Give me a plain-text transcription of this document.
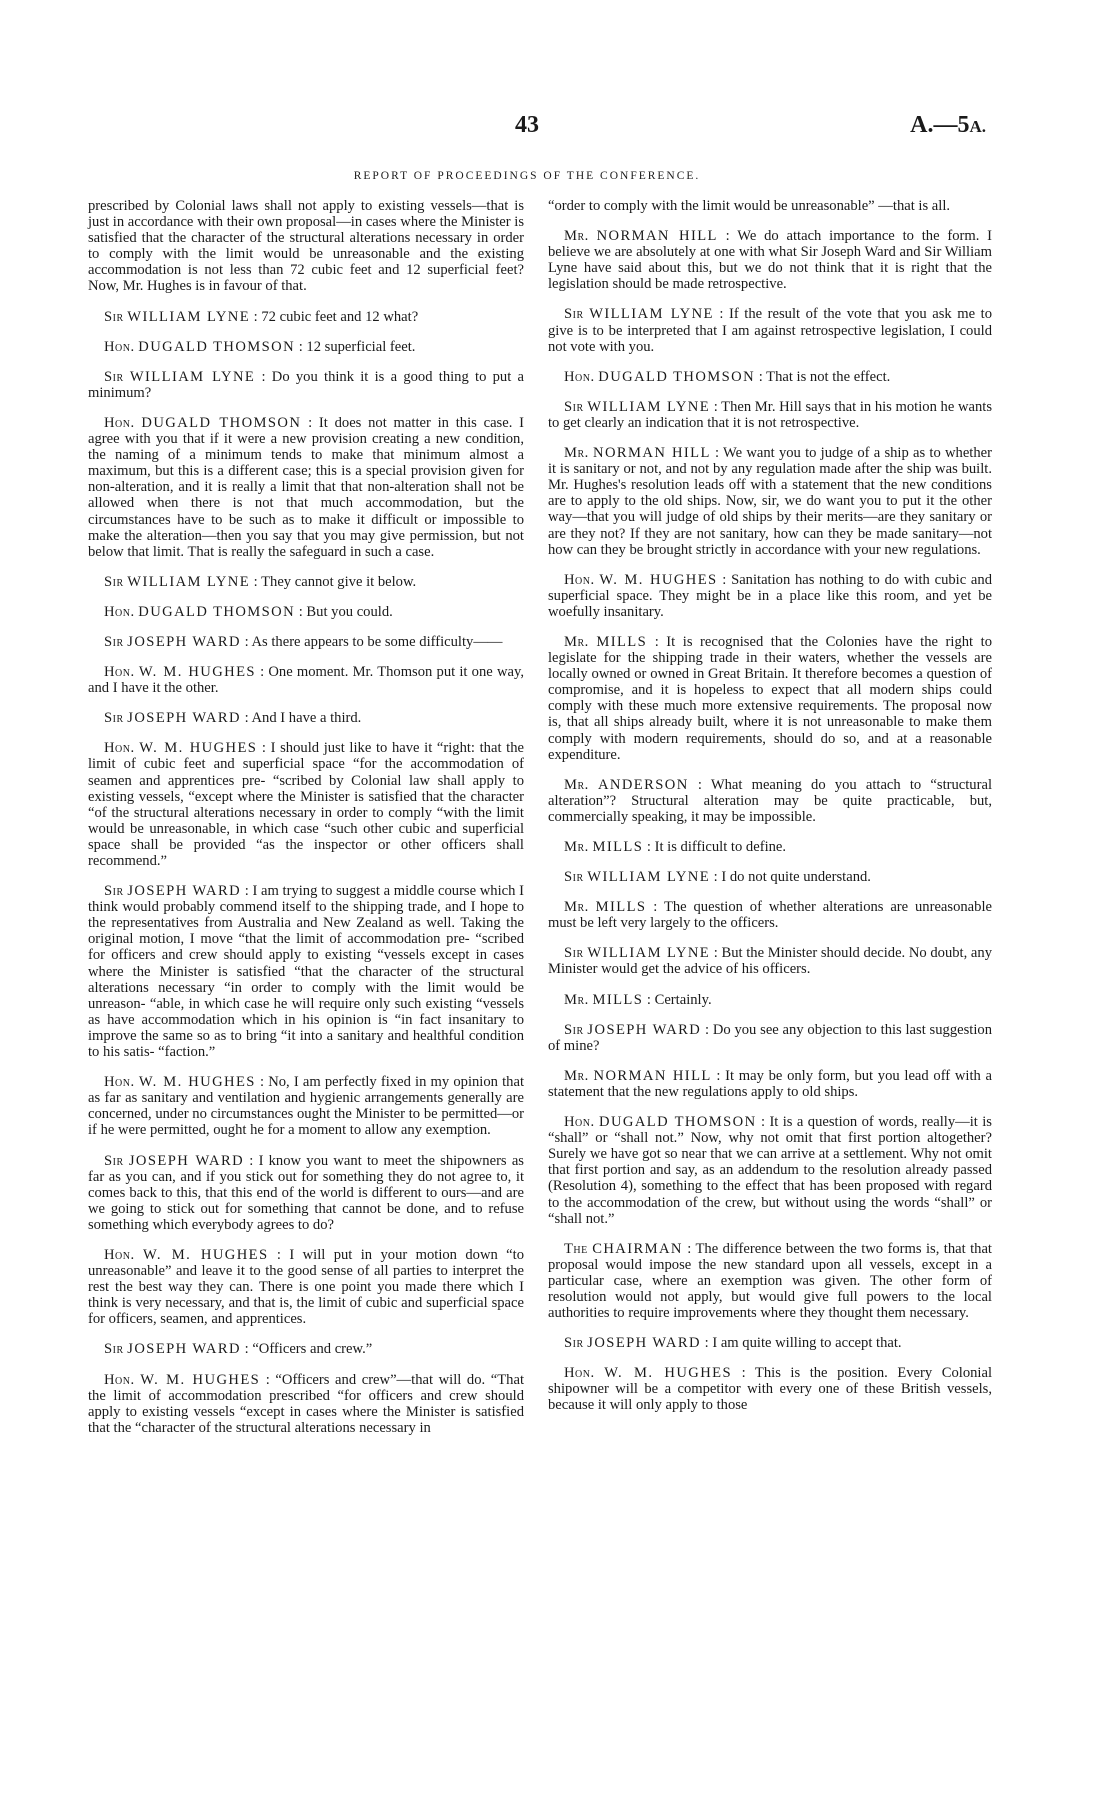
43	A.—5A.
REPORT OF PROCEEDINGS OF THE CONFERENCE.

prescribed by Colonial laws shall not apply to existing vessels—that is just in accordance with their own proposal—in cases where the Minister is satisfied that the character of the structural alterations necessary in order to comply with the limit would be unreasonable and the existing accommodation is not less than 72 cubic feet and 12 superficial feet? Now, Mr. Hughes is in favour of that.

Sir WILLIAM LYNE : 72 cubic feet and 12 what?

Hon. DUGALD THOMSON : 12 superficial feet.

Sir WILLIAM LYNE : Do you think it is a good thing to put a minimum?

Hon. DUGALD THOMSON : It does not matter in this case. I agree with you that if it were a new provision creating a new condition, the naming of a minimum tends to make that minimum almost a maximum, but this is a different case; this is a special provision given for non-alteration, and it is really a limit that that non-alteration shall not be allowed when there is not that much accommodation, but the circumstances have to be such as to make it difficult or impossible to make the alteration—then you say that you may give permission, but not below that limit. That is really the safeguard in such a case.

Sir WILLIAM LYNE : They cannot give it below.

Hon. DUGALD THOMSON : But you could.

Sir JOSEPH WARD : As there appears to be some difficulty——

Hon. W. M. HUGHES : One moment. Mr. Thomson put it one way, and I have it the other.

Sir JOSEPH WARD : And I have a third.

Hon. W. M. HUGHES : I should just like to have it “right: that the limit of cubic feet and superficial space “for the accommodation of seamen and apprentices pre- “scribed by Colonial law shall apply to existing vessels, “except where the Minister is satisfied that the character “of the structural alterations necessary in order to comply “with the limit would be unreasonable, in which case “such other cubic and superficial space shall be provided “as the inspector or other officers shall recommend.”

Sir JOSEPH WARD : I am trying to suggest a middle course which I think would probably commend itself to the shipping trade, and I hope to the representatives from Australia and New Zealand as well. Taking the original motion, I move “that the limit of accommodation pre- “scribed for officers and crew should apply to existing “vessels except in cases where the Minister is satisfied “that the character of the structural alterations necessary “in order to comply with the limit would be unreason- “able, in which case he will require only such existing “vessels as have accommodation which in his opinion is “in fact insanitary to improve the same so as to bring “it into a sanitary and healthful condition to his satis- “faction.”

Hon. W. M. HUGHES : No, I am perfectly fixed in my opinion that as far as sanitary and ventilation and hygienic arrangements generally are concerned, under no circumstances ought the Minister to be permitted—or if he were permitted, ought he for a moment to allow any exemption.

Sir JOSEPH WARD : I know you want to meet the shipowners as far as you can, and if you stick out for something they do not agree to, it comes back to this, that this end of the world is different to ours—and are we going to stick out for something that cannot be done, and to refuse something which everybody agrees to do?

Hon. W. M. HUGHES : I will put in your motion down “to unreasonable” and leave it to the good sense of all parties to interpret the rest the best way they can. There is one point you made there which I think is very necessary, and that is, the limit of cubic and superficial space for officers, seamen, and apprentices.

Sir JOSEPH WARD : “Officers and crew.”

Hon. W. M. HUGHES : “Officers and crew”—that will do. “That the limit of accommodation prescribed “for officers and crew should apply to existing vessels “except in cases where the Minister is satisfied that the “character of the structural alterations necessary in

“order to comply with the limit would be unreasonable” —that is all.

Mr. NORMAN HILL : We do attach importance to the form. I believe we are absolutely at one with what Sir Joseph Ward and Sir William Lyne have said about this, but we do not think that it is right that the legislation should be made retrospective.

Sir WILLIAM LYNE : If the result of the vote that you ask me to give is to be interpreted that I am against retrospective legislation, I could not vote with you.

Hon. DUGALD THOMSON : That is not the effect.

Sir WILLIAM LYNE : Then Mr. Hill says that in his motion he wants to get clearly an indication that it is not retrospective.

Mr. NORMAN HILL : We want you to judge of a ship as to whether it is sanitary or not, and not by any regulation made after the ship was built. Mr. Hughes's resolution leads off with a statement that the new conditions are to apply to the old ships. Now, sir, we do want you to put it the other way—that you will judge of old ships by their merits—are they sanitary or are they not? If they are not sanitary, how can they be made sanitary—not how can they be brought strictly in accordance with your new regulations.

Hon. W. M. HUGHES : Sanitation has nothing to do with cubic and superficial space. They might be in a place like this room, and yet be woefully insanitary.

Mr. MILLS : It is recognised that the Colonies have the right to legislate for the shipping trade in their waters, whether the vessels are locally owned or owned in Great Britain. It therefore becomes a question of compromise, and it is hopeless to expect that all modern ships could comply with these much more extensive requirements. The proposal now is, that all ships already built, where it is not unreasonable to make them comply with modern requirements, should do so, and at a reasonable expenditure.

Mr. ANDERSON : What meaning do you attach to “structural alteration”? Structural alteration may be quite practicable, but, commercially speaking, it may be impossible.

Mr. MILLS : It is difficult to define.

Sir WILLIAM LYNE : I do not quite understand.

Mr. MILLS : The question of whether alterations are unreasonable must be left very largely to the officers.

Sir WILLIAM LYNE : But the Minister should decide. No doubt, any Minister would get the advice of his officers.

Mr. MILLS : Certainly.

Sir JOSEPH WARD : Do you see any objection to this last suggestion of mine?

Mr. NORMAN HILL : It may be only form, but you lead off with a statement that the new regulations apply to old ships.

Hon. DUGALD THOMSON : It is a question of words, really—it is “shall” or “shall not.” Now, why not omit that first portion altogether? Surely we have got so near that we can arrive at a settlement. Why not omit that first portion and say, as an addendum to the resolution already passed (Resolution 4), something to the effect that has been proposed with regard to the accommodation of the crew, but without using the words “shall” or “shall not.”

The CHAIRMAN : The difference between the two forms is, that that proposal would impose the new standard upon all vessels, except in a particular case, where an exemption was given. The other form of resolution would not apply, but would give full powers to the local authorities to require improvements where they thought them necessary.

Sir JOSEPH WARD : I am quite willing to accept that.

Hon. W. M. HUGHES : This is the position. Every Colonial shipowner will be a competitor with every one of these British vessels, because it will only apply to those
